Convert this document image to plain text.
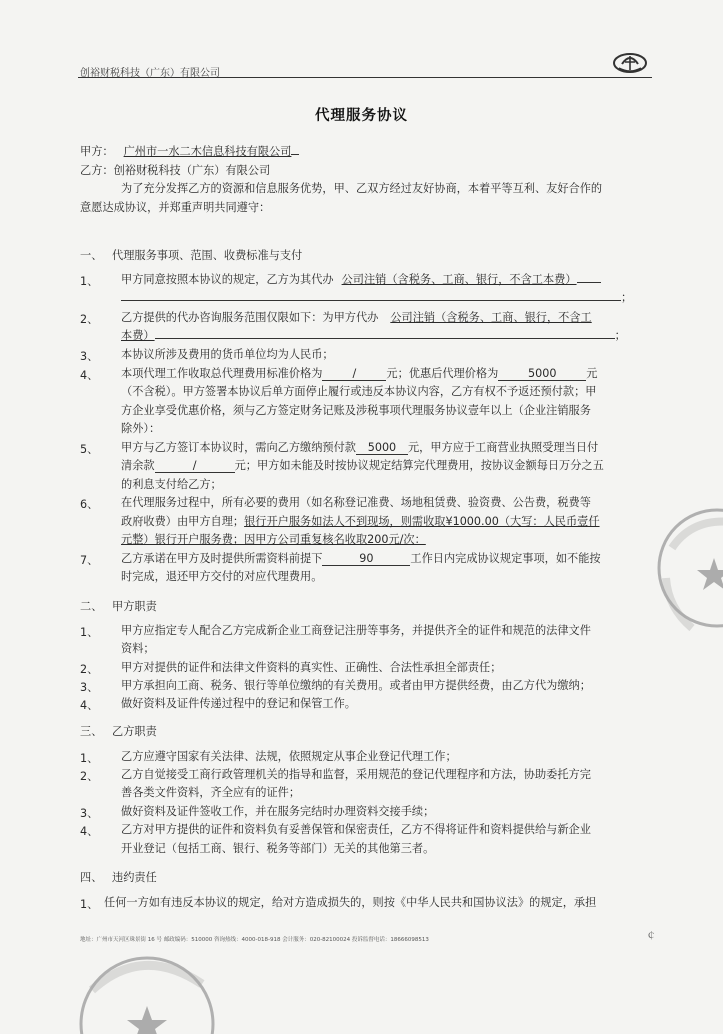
创裕财税科技（广东）有限公司
代理服务协议
甲方： 广州市一水二木信息科技有限公司
乙方：创裕财税科技（广东）有限公司
为了充分发挥乙方的资源和信息服务优势，甲、乙双方经过友好协商，本着平等互利、友好合作的
意愿达成协议，并郑重声明共同遵守：
一、 代理服务事项、范围、收费标准与支付
1、 甲方同意按照本协议的规定，乙方为其代办 公司注销（含税务、工商、银行，不含工本费）
；
2、 乙方提供的代办咨询服务范围仅限如下：为甲方代办 公司注销（含税务、工商、银行，不含工
本费）	；
3、 本协议所涉及费用的货币单位均为人民币；
4、 本项代理工作收取总代理费用标准价格为	/	元；优惠后代理价格为	5000	元
（不含税）。甲方签署本协议后单方面停止履行或违反本协议内容，乙方有权不予返还预付款；甲
方企业享受优惠价格，须与乙方签定财务记账及涉税事项代理服务协议壹年以上（企业注销服务
除外）：
5、 甲方与乙方签订本协议时，需向乙方缴纳预付款 5000 元，甲方应于工商营业执照受理当日付
清余款	/	元；甲方如未能及时按协议规定结算完代理费用，按协议金额每日万分之五
的利息支付给乙方；
6、 在代理服务过程中，所有必要的费用（如名称登记准费、场地租赁费、验资费、公告费，税费等
政府收费）由甲方自理；银行开户服务如法人不到现场，则需收取¥1000.00（大写：人民币壹仟
元整）银行开户服务费；因甲方公司重复核名收取200元/次：
7、 乙方承诺在甲方及时提供所需资料前提下	90	工作日内完成协议规定事项，如不能按
时完成，退还甲方交付的对应代理费用。
二、 甲方职责
1、 甲方应指定专人配合乙方完成新企业工商登记注册等事务，并提供齐全的证件和规范的法律文件
资料；
2、 甲方对提供的证件和法律文件资料的真实性、正确性、合法性承担全部责任；
3、 甲方承担向工商、税务、银行等单位缴纳的有关费用。或者由甲方提供经费，由乙方代为缴纳；
4、 做好资料及证件传递过程中的登记和保管工作。
三、 乙方职责
1、 乙方应遵守国家有关法律、法规，依照规定从事企业登记代理工作；
2、 乙方自觉接受工商行政管理机关的指导和监督，采用规范的登记代理程序和方法，协助委托方完
善各类文件资料，齐全应有的证件；
3、 做好资料及证件签收工作，并在服务完结时办理资料交接手续；
4、 乙方对甲方提供的证件和资料负有妥善保管和保密责任，乙方不得将证件和资料提供给与新企业
开业登记（包括工商、银行、税务等部门）无关的其他第三者。
四、 违约责任
1、 任何一方如有违反本协议的规定，给对方造成损失的，则按《中华人民共和国协议法》的规定，承担
地址：广州市天河区珠景街 16 号 邮政编码：510000 咨询热线：4000-018-918 会计服务：020-82100024 投诉监督电话：18666098513	￠
